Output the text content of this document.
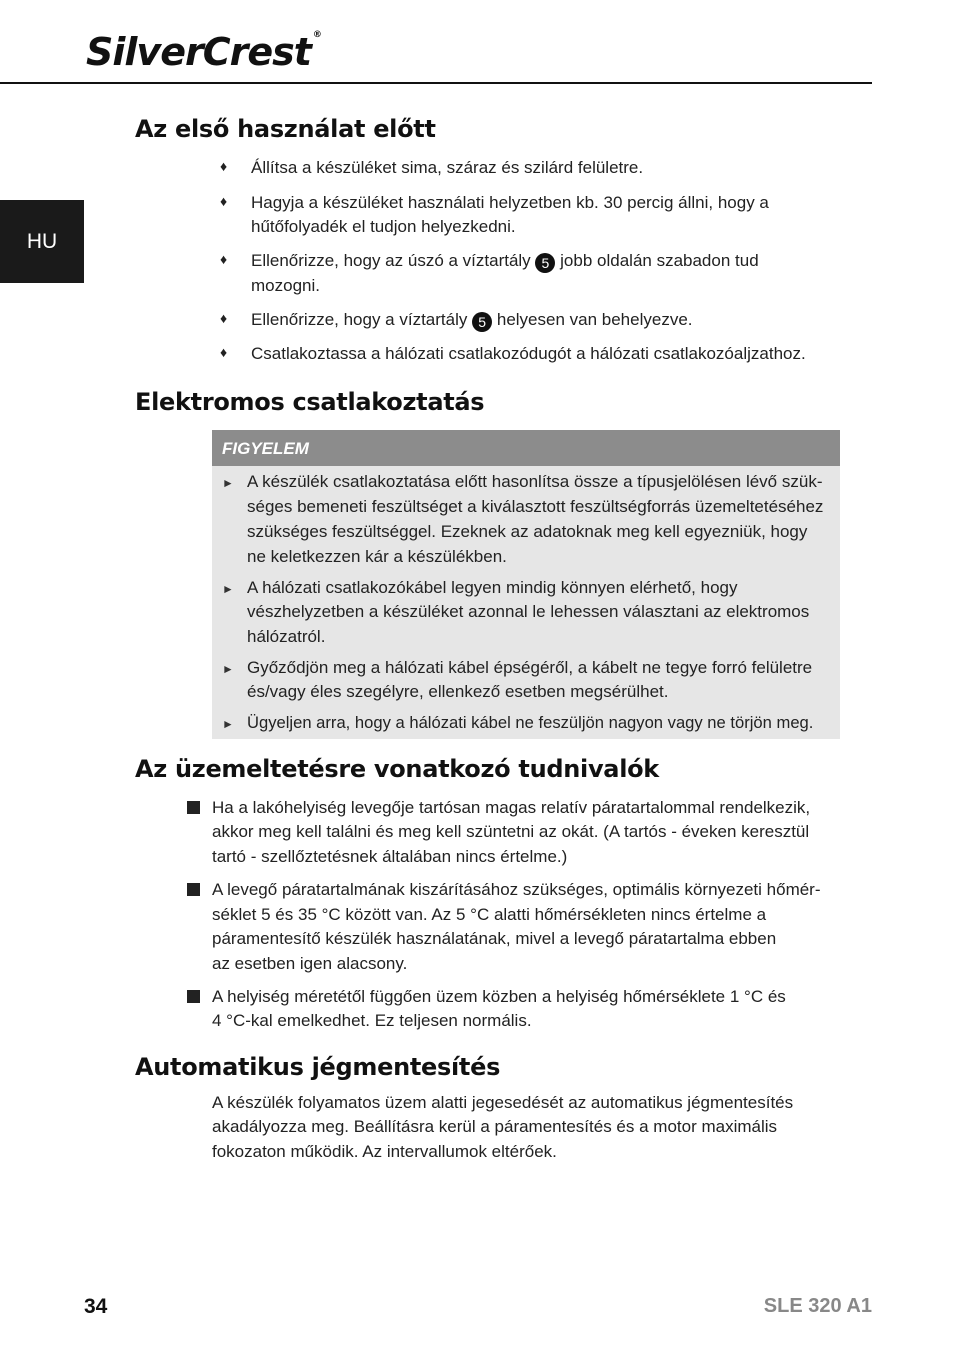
SilverCrest ®
HU
Az első használat előtt
♦ Állítsa a készüléket sima, száraz és szilárd felületre.
♦ Hagyja a készüléket használati helyzetben kb. 30 percig állni, hogy a
hűtőfolyadék el tudjon helyezkedni.
♦ Ellenőrizze, hogy az úszó a víztartály 5 jobb oldalán szabadon tud
mozogni.
♦ Ellenőrizze, hogy a víztartály 5 helyesen van behelyezve.
♦ Csatlakoztassa a hálózati csatlakozódugót a hálózati csatlakozóaljzathoz.
Elektromos csatlakoztatás
FIGYELEM
► A készülék csatlakoztatása előtt hasonlítsa össze a típusjelölésen lévő szük-
séges bemeneti feszültséget a kiválasztott feszültségforrás üzemeltetéséhez
szükséges feszültséggel. Ezeknek az adatoknak meg kell egyezniük, hogy
ne keletkezzen kár a készülékben.
► A hálózati csatlakozókábel legyen mindig könnyen elérhető, hogy
vészhelyzetben a készüléket azonnal le lehessen választani az elektromos
hálózatról.
► Győződjön meg a hálózati kábel épségéről, a kábelt ne tegye forró felületre
és/vagy éles szegélyre, ellenkező esetben megsérülhet.
► Ügyeljen arra, hogy a hálózati kábel ne feszüljön nagyon vagy ne törjön meg.
Az üzemeltetésre vonatkozó tudnivalók
Ha a lakóhelyiség levegője tartósan magas relatív páratartalommal rendelkezik,
akkor meg kell találni és meg kell szüntetni az okát. (A tartós - éveken keresztül
tartó - szellőztetésnek általában nincs értelme.)
A levegő páratartalmának kiszárításához szükséges, optimális környezeti hőmér-
séklet 5 és 35 °C között van. Az 5 °C alatti hőmérsékleten nincs értelme a
páramentesítő készülék használatának, mivel a levegő páratartalma ebben
az esetben igen alacsony.
A helyiség méretétől függően üzem közben a helyiség hőmérséklete 1 °C és
4 °C-kal emelkedhet. Ez teljesen normális.
Automatikus jégmentesítés
A készülék folyamatos üzem alatti jegesedését az automatikus jégmentesítés
akadályozza meg. Beállításra kerül a páramentesítés és a motor maximális
fokozaton működik. Az intervallumok eltérőek.
34	SLE 320 A1
